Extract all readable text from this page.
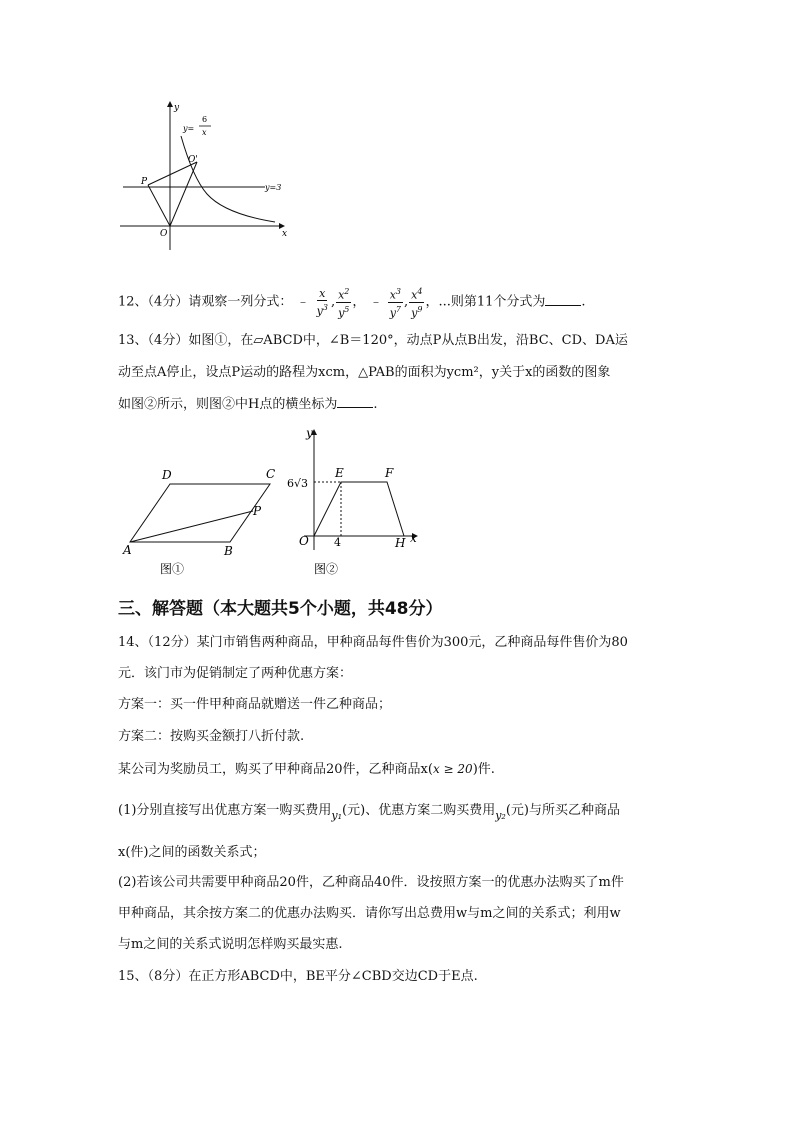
y
x
O
y=
6
x
P
O'
y=3
12、（4分）请观察一列分式： ﹣ $\frac{x}{y^3}$ , $\frac{x^2}{y^5}$ ， ﹣ $\frac{x^3}{y^7}$ , $\frac{x^4}{y^9}$ ，...则第11个分式为	.
13、（4分）如图①，在▱ABCD中，∠B＝120°，动点P从点B出发，沿BC、CD、DA运
动至点A停止，设点P运动的路程为xcm，△PAB的面积为ycm²，y关于x的函数的图象
如图②所示，则图②中H点的横坐标为	.
A	B
C
D
P
图①
y
x
O
6√3
4
E	F
H
图②
三、解答题（本大题共5个小题，共48分）
14、（12分）某门市销售两种商品，甲种商品每件售价为300元，乙种商品每件售价为80
元．该门市为促销制定了两种优惠方案：
方案一：买一件甲种商品就赠送一件乙种商品；
方案二：按购买金额打八折付款.
某公司为奖励员工，购买了甲种商品20件，乙种商品x(x ≥ 20)件.
(1)分别直接写出优惠方案一购买费用$_{y_1}$(元)、优惠方案二购买费用$_{y_2}$(元)与所买乙种商品
x(件)之间的函数关系式；
(2)若该公司共需要甲种商品20件，乙种商品40件．设按照方案一的优惠办法购买了m件
甲种商品，其余按方案二的优惠办法购买．请你写出总费用w与m之间的关系式；利用w
与m之间的关系式说明怎样购买最实惠.
15、（8分）在正方形ABCD中，BE平分∠CBD交边CD于E点.
